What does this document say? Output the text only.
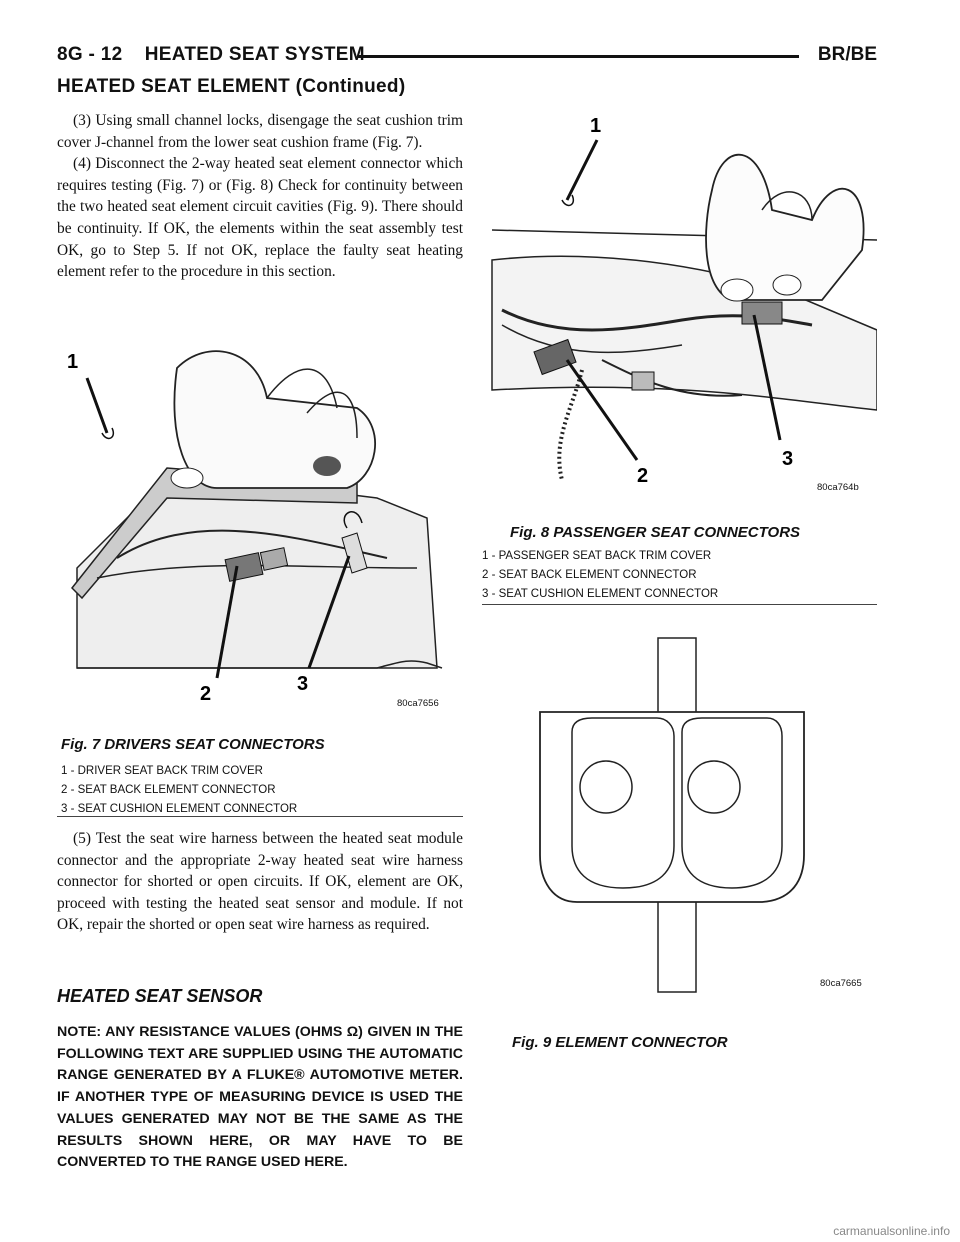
8G - 12    HEATED SEAT SYSTEM	BR/BE
HEATED SEAT ELEMENT (Continued)

(3) Using small channel locks, disengage the seat cushion trim cover J-channel from the lower seat cushion frame (Fig. 7).

(4) Disconnect the 2-way heated seat element connector which requires testing (Fig. 7) or (Fig. 8) Check for continuity between the two heated seat element circuit cavities (Fig. 9). There should be continuity. If OK, the elements within the seat assembly test OK, go to Step 5. If not OK, replace the faulty seat heating element refer to the procedure in this section.

1
2	3
80ca7656
Fig. 7 DRIVERS SEAT CONNECTORS
1 - DRIVER SEAT BACK TRIM COVER
2 - SEAT BACK ELEMENT CONNECTOR
3 - SEAT CUSHION ELEMENT CONNECTOR

(5) Test the seat wire harness between the heated seat module connector and the appropriate 2-way heated seat wire harness connector for shorted or open circuits. If OK, element are OK, proceed with testing the heated seat sensor and module. If not OK, repair the shorted or open seat wire harness as required.

HEATED SEAT SENSOR
NOTE: ANY RESISTANCE VALUES (OHMS Ω) GIVEN IN THE FOLLOWING TEXT ARE SUPPLIED USING THE AUTOMATIC RANGE GENERATED BY A FLUKE® AUTOMOTIVE METER. IF ANOTHER TYPE OF MEASURING DEVICE IS USED THE VALUES GENERATED MAY NOT BE THE SAME AS THE RESULTS SHOWN HERE, OR MAY HAVE TO BE CONVERTED TO THE RANGE USED HERE.
1
2
3
80ca764b
Fig. 8 PASSENGER SEAT CONNECTORS
1 - PASSENGER SEAT BACK TRIM COVER
2 - SEAT BACK ELEMENT CONNECTOR
3 - SEAT CUSHION ELEMENT CONNECTOR
80ca7665
Fig. 9 ELEMENT CONNECTOR
carmanualsonline.info
